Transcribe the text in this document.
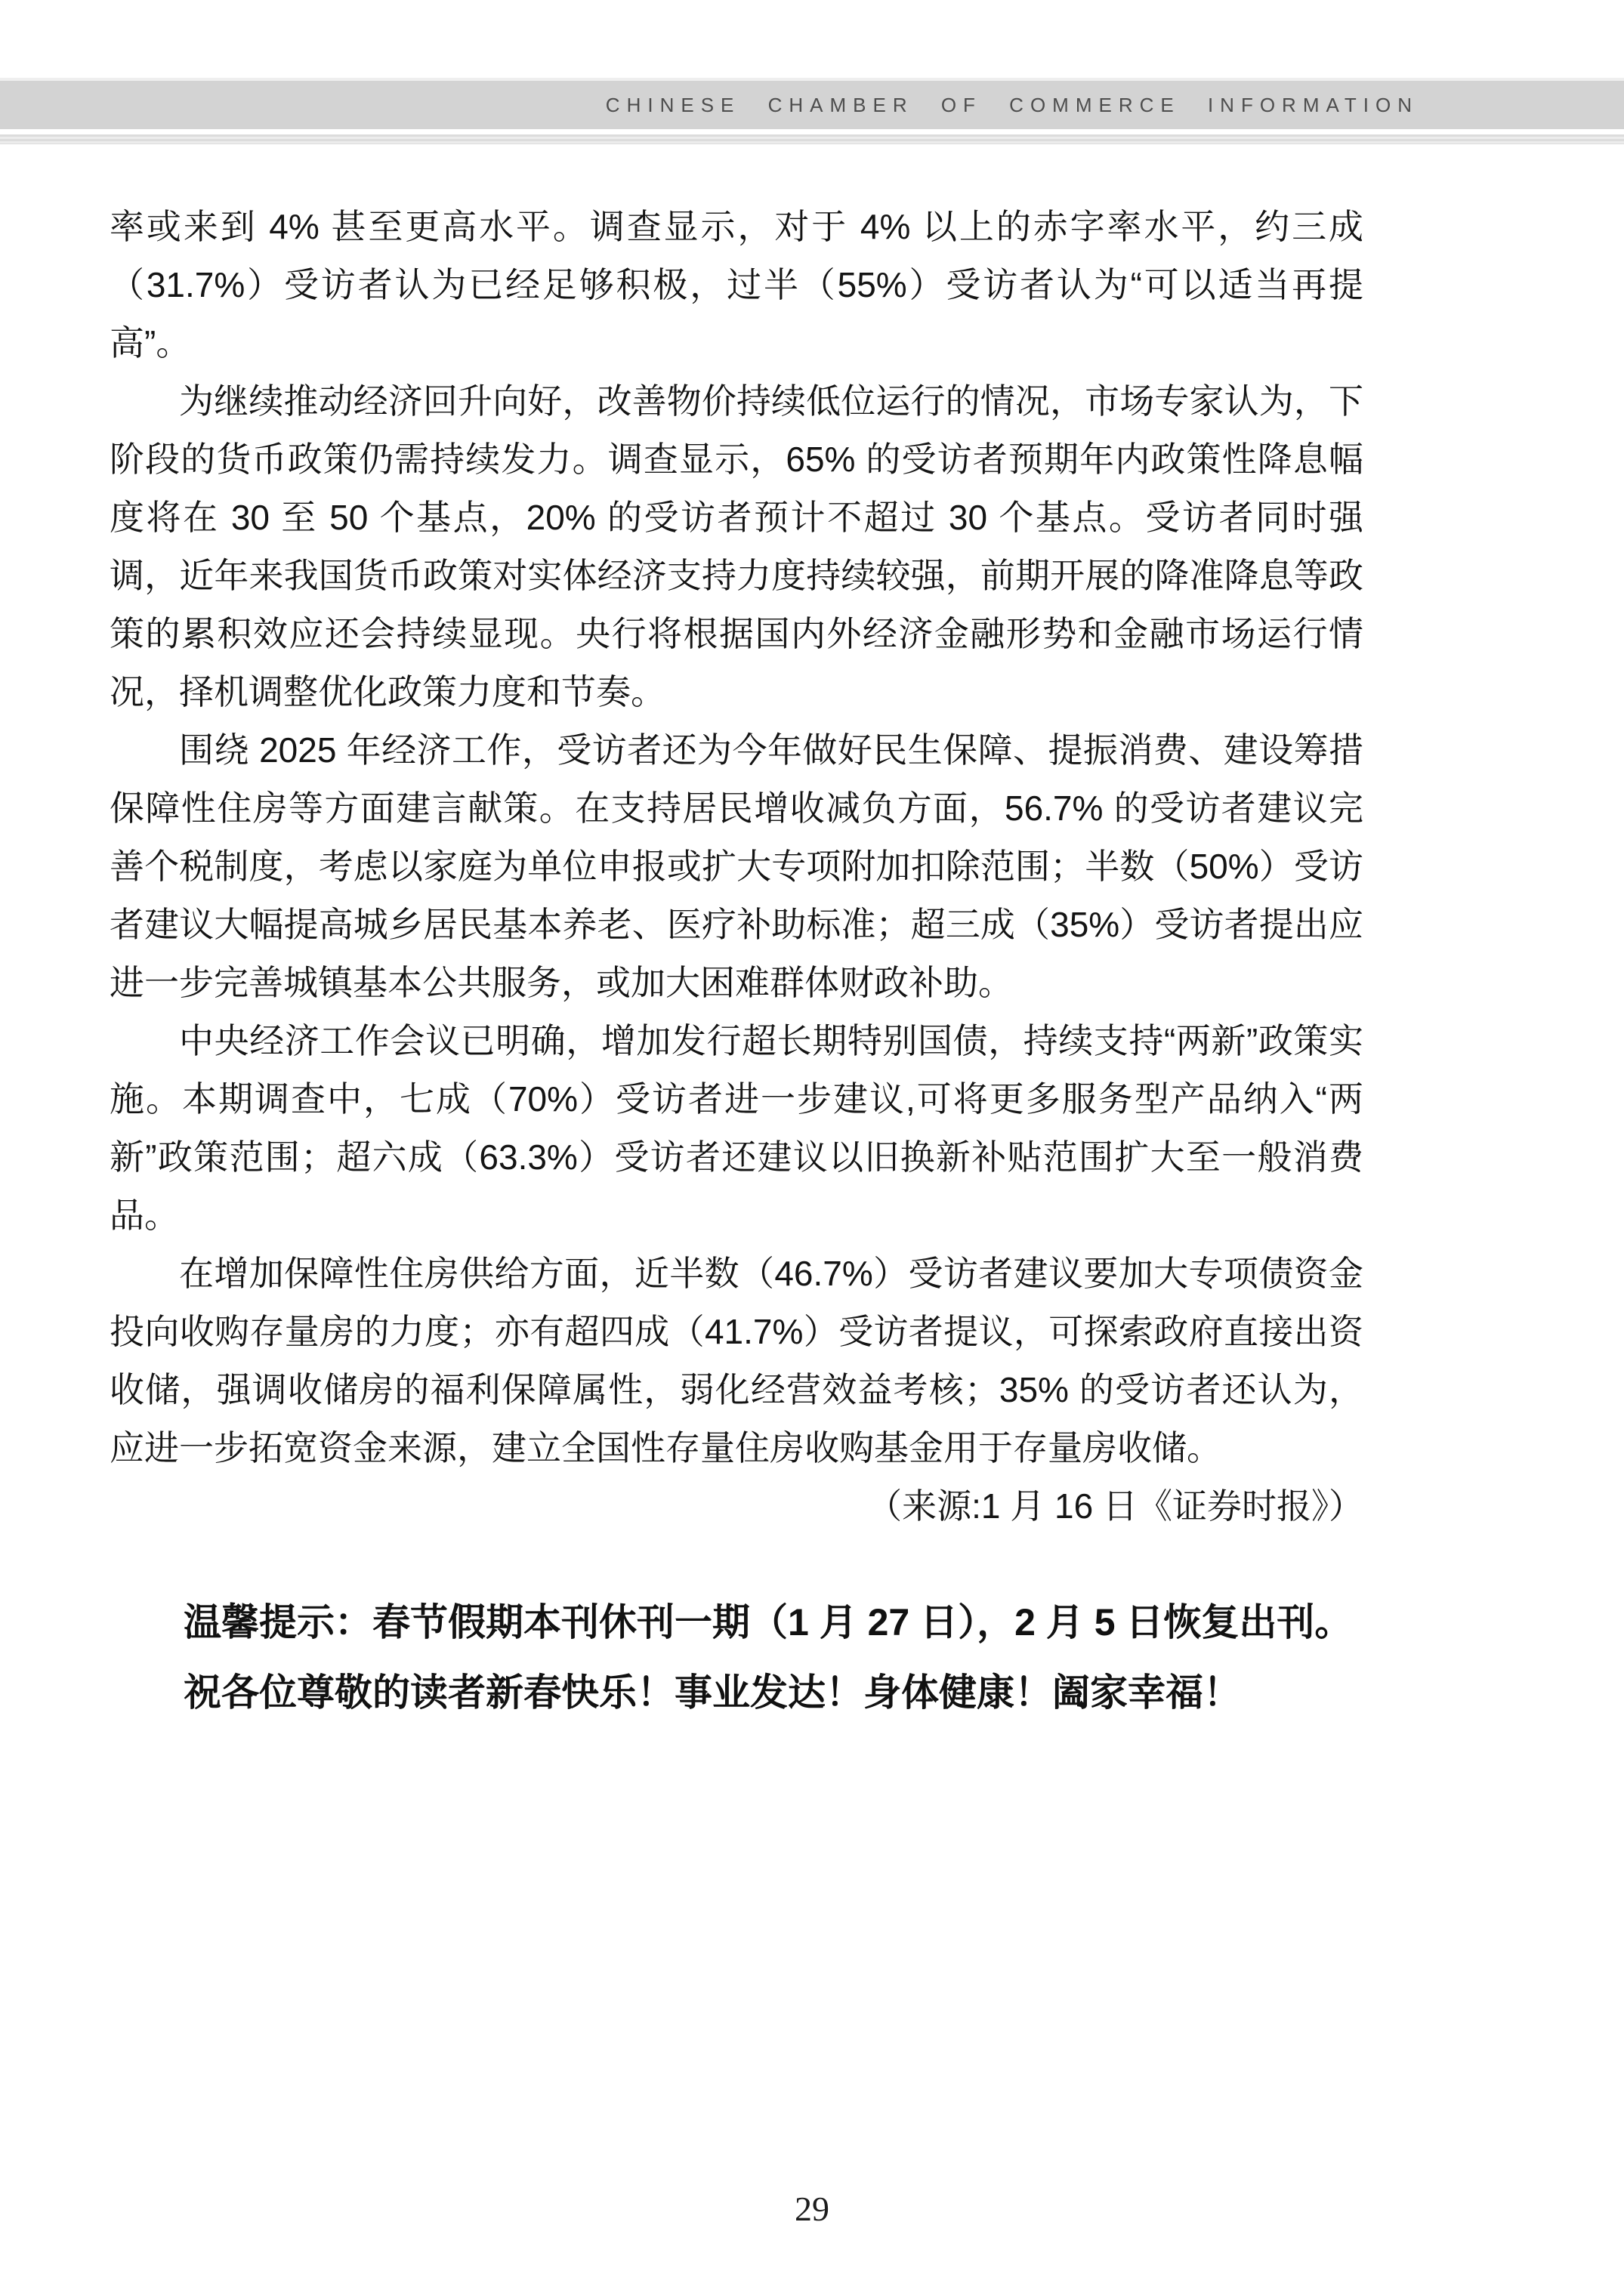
CHINESE CHAMBER OF COMMERCE INFORMATION

率或来到 4% 甚至更高水平。调查显示，对于 4% 以上的赤字率水平，约三成（31.7%）受访者认为已经足够积极，过半（55%）受访者认为“可以适当再提高”。

为继续推动经济回升向好，改善物价持续低位运行的情况，市场专家认为，下阶段的货币政策仍需持续发力。调查显示，65% 的受访者预期年内政策性降息幅度将在 30 至 50 个基点，20% 的受访者预计不超过 30 个基点。受访者同时强调，近年来我国货币政策对实体经济支持力度持续较强，前期开展的降准降息等政策的累积效应还会持续显现。央行将根据国内外经济金融形势和金融市场运行情况，择机调整优化政策力度和节奏。

围绕 2025 年经济工作，受访者还为今年做好民生保障、提振消费、建设筹措保障性住房等方面建言献策。在支持居民增收减负方面，56.7% 的受访者建议完善个税制度，考虑以家庭为单位申报或扩大专项附加扣除范围；半数（50%）受访者建议大幅提高城乡居民基本养老、医疗补助标准；超三成（35%）受访者提出应进一步完善城镇基本公共服务，或加大困难群体财政补助。

中央经济工作会议已明确，增加发行超长期特别国债，持续支持“两新”政策实施。本期调查中，七成（70%）受访者进一步建议,可将更多服务型产品纳入“两新”政策范围；超六成（63.3%）受访者还建议以旧换新补贴范围扩大至一般消费品。

在增加保障性住房供给方面，近半数（46.7%）受访者建议要加大专项债资金投向收购存量房的力度；亦有超四成（41.7%）受访者提议，可探索政府直接出资收储，强调收储房的福利保障属性，弱化经营效益考核；35% 的受访者还认为，应进一步拓宽资金来源，建立全国性存量住房收购基金用于存量房收储。
（来源:1 月 16 日《证券时报》）

温馨提示：春节假期本刊休刊一期（1 月 27 日），2 月 5 日恢复出刊。
祝各位尊敬的读者新春快乐！事业发达！身体健康！阖家幸福！
29
